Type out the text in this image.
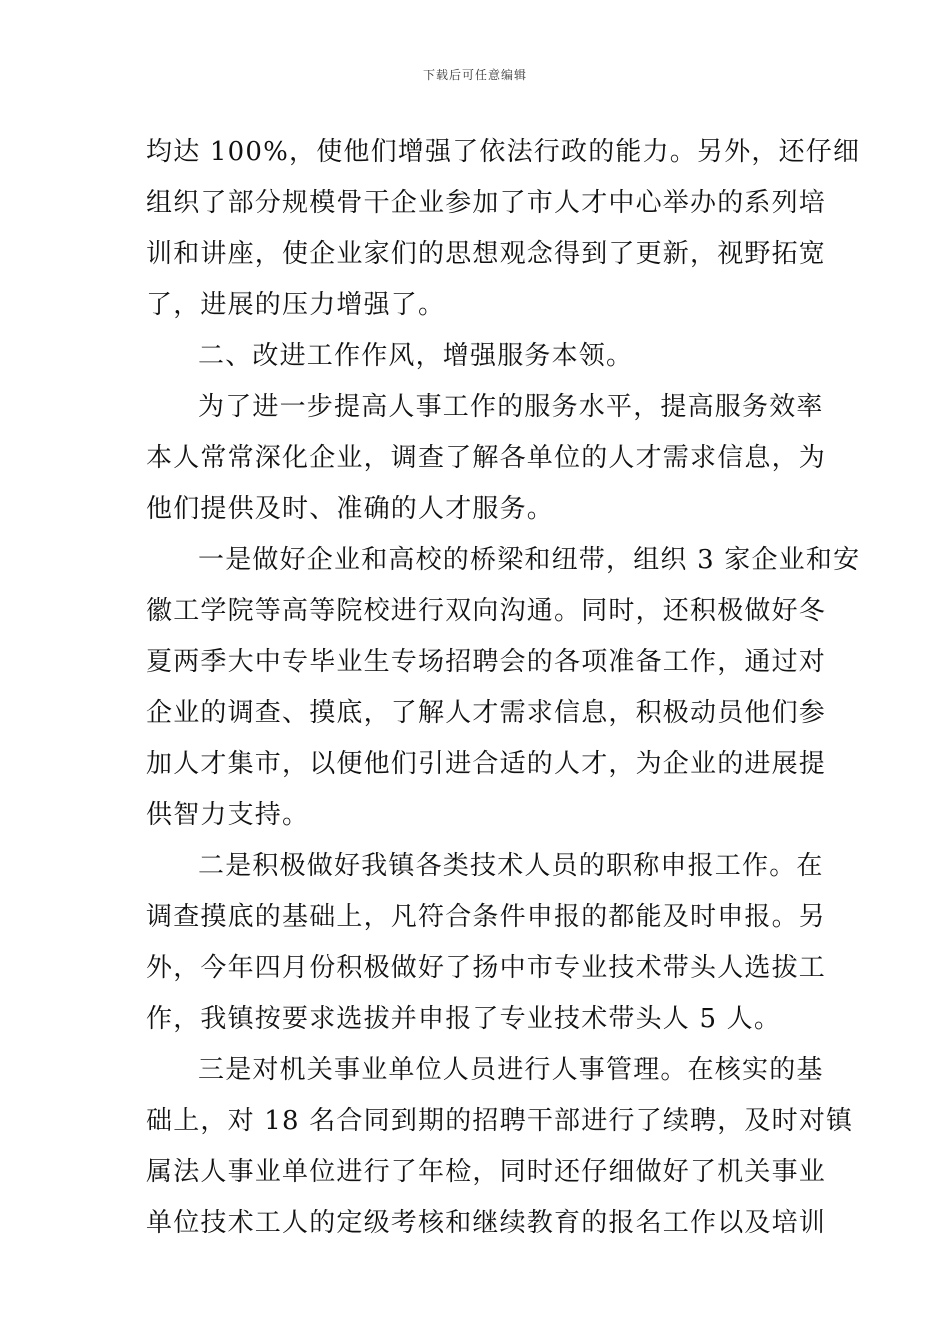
下载后可任意编辑
均达 100%，使他们增强了依法行政的能力。另外，还仔细
组织了部分规模骨干企业参加了市人才中心举办的系列培
训和讲座，使企业家们的思想观念得到了更新，视野拓宽
了，进展的压力增强了。
二、改进工作作风，增强服务本领。
为了进一步提高人事工作的服务水平，提高服务效率
本人常常深化企业，调查了解各单位的人才需求信息，为
他们提供及时、准确的人才服务。
一是做好企业和高校的桥梁和纽带，组织 3 家企业和安
徽工学院等高等院校进行双向沟通。同时，还积极做好冬
夏两季大中专毕业生专场招聘会的各项准备工作，通过对
企业的调查、摸底，了解人才需求信息，积极动员他们参
加人才集市，以便他们引进合适的人才，为企业的进展提
供智力支持。
二是积极做好我镇各类技术人员的职称申报工作。在
调查摸底的基础上，凡符合条件申报的都能及时申报。另
外，今年四月份积极做好了扬中市专业技术带头人选拔工
作，我镇按要求选拔并申报了专业技术带头人 5 人。
三是对机关事业单位人员进行人事管理。在核实的基
础上，对 18 名合同到期的招聘干部进行了续聘，及时对镇
属法人事业单位进行了年检，同时还仔细做好了机关事业
单位技术工人的定级考核和继续教育的报名工作以及培训
